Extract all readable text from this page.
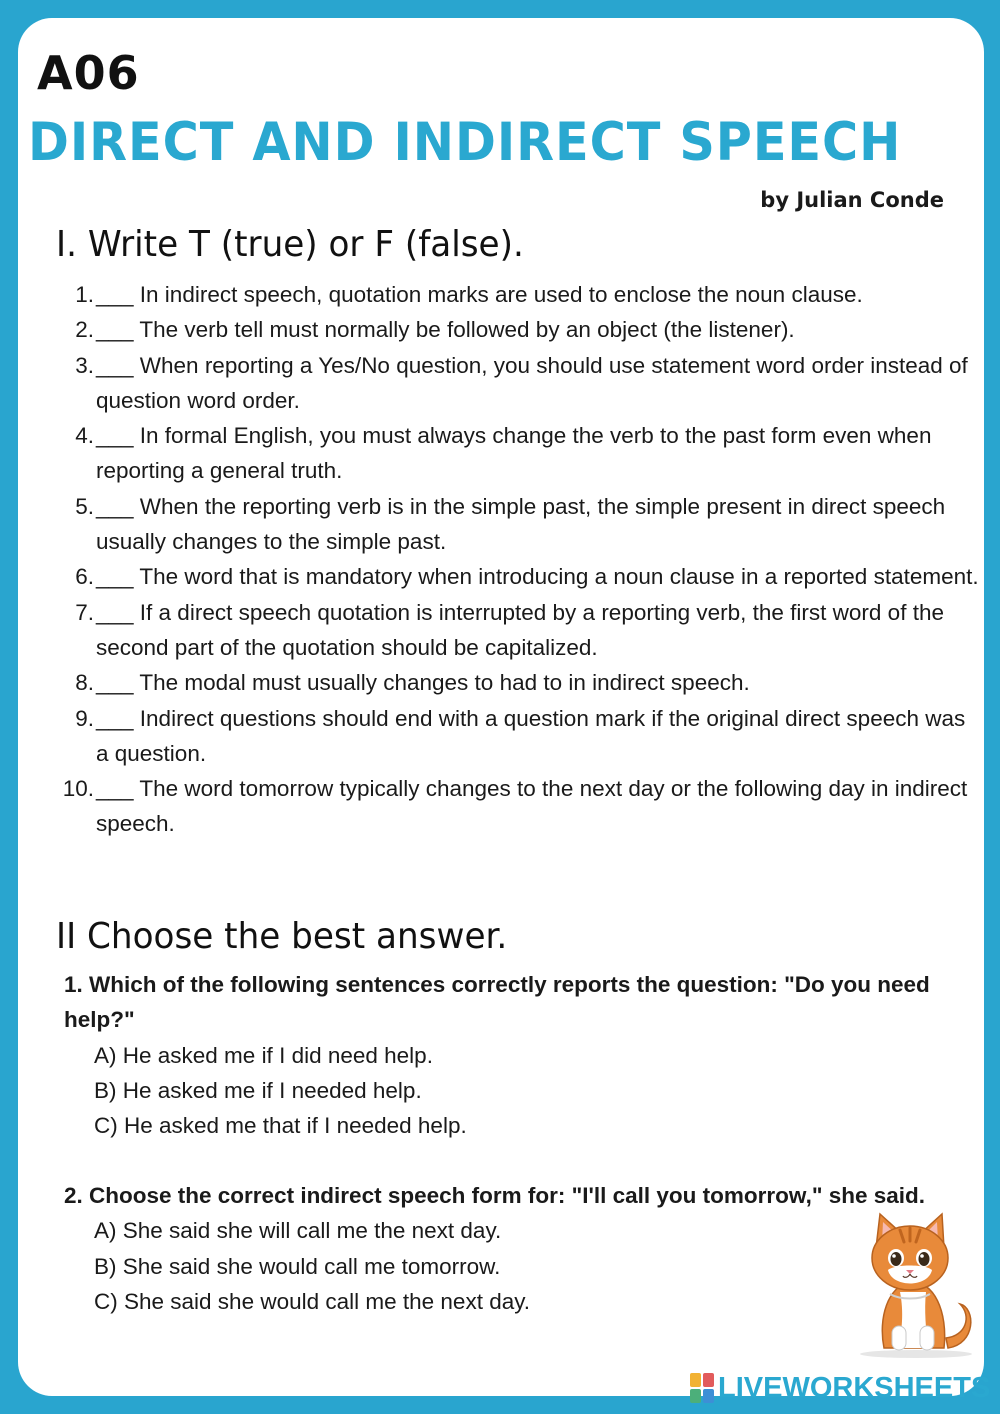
A06
DIRECT AND INDIRECT SPEECH
by Julian Conde
I. Write T (true) or F (false).
1. ___ In indirect speech, quotation marks are used to enclose the noun clause.
2. ___ The verb tell must normally be followed by an object (the listener).
3. ___ When reporting a Yes/No question, you should use statement word order instead of question word order.
4. ___ In formal English, you must always change the verb to the past form even when reporting a general truth.
5. ___ When the reporting verb is in the simple past, the simple present in direct speech usually changes to the simple past.
6. ___ The word that is mandatory when introducing a noun clause in a reported statement.
7. ___ If a direct speech quotation is interrupted by a reporting verb, the first word of the second part of the quotation should be capitalized.
8. ___ The modal must usually changes to had to in indirect speech.
9. ___ Indirect questions should end with a question mark if the original direct speech was a question.
10. ___ The word tomorrow typically changes to the next day or the following day in indirect speech.
II Choose the best answer.
1. Which of the following sentences correctly reports the question: "Do you need help?"
A) He asked me if I did need help.
B) He asked me if I needed help.
C) He asked me that if I needed help.
2. Choose the correct indirect speech form for: "I'll call you tomorrow," she said.
A) She said she will call me the next day.
B) She said she would call me tomorrow.
C) She said she would call me the next day.
LIVEWORKSHEETS
